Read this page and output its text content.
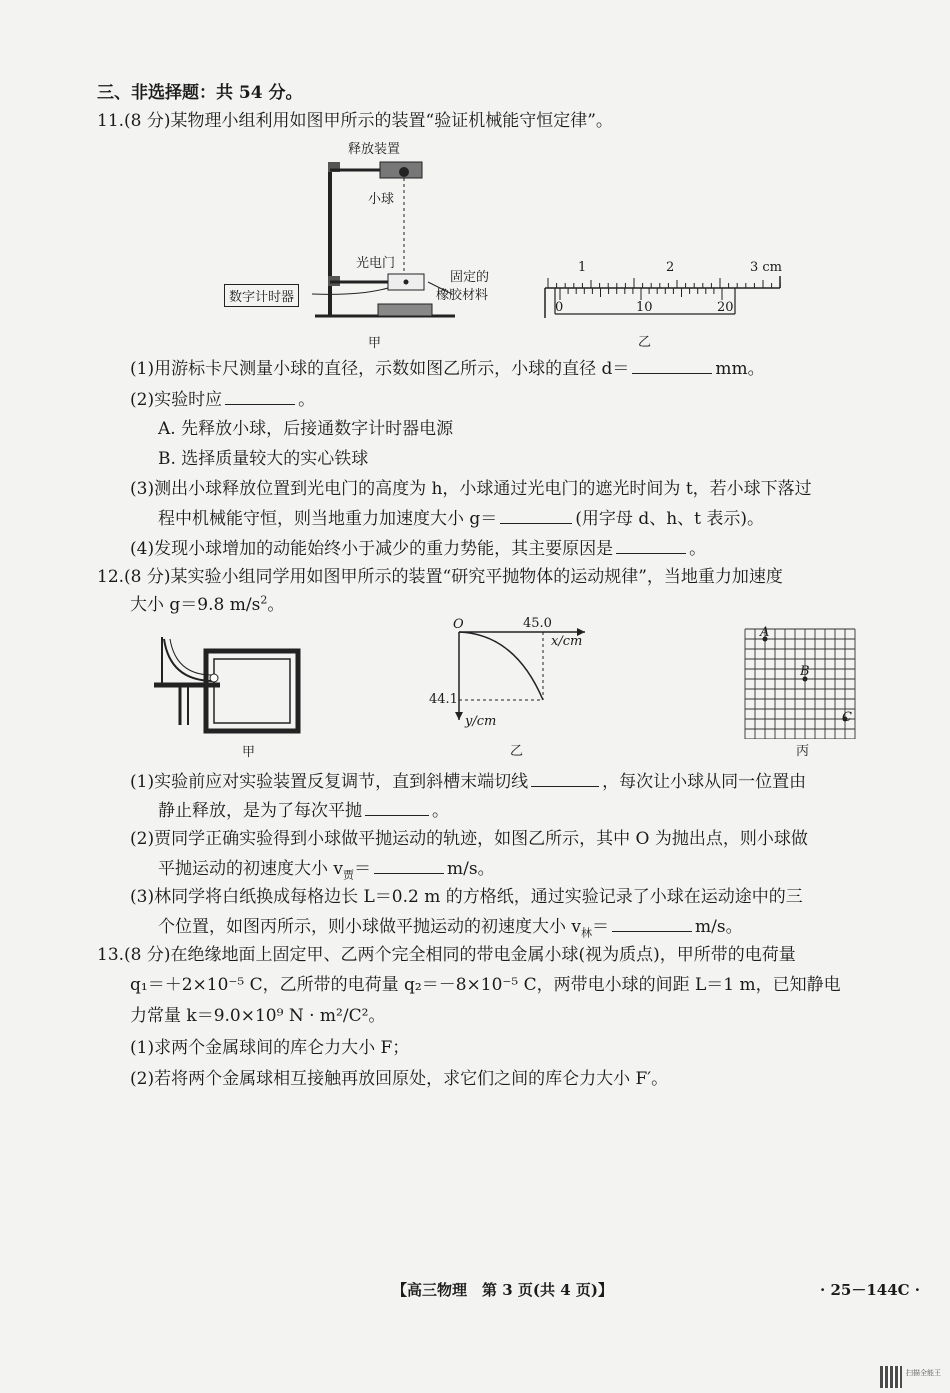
三、非选择题：共 54 分。
11.(8 分)某物理小组利用如图甲所示的装置“验证机械能守恒定律”。
释放装置
小球
光电门
数字计时器
固定的
橡胶材料
甲
1	2	3 cm
0	10	20
乙
(1)用游标卡尺测量小球的直径，示数如图乙所示，小球的直径 d＝	mm。
(2)实验时应	。
A. 先释放小球，后接通数字计时器电源
B. 选择质量较大的实心铁球
(3)测出小球释放位置到光电门的高度为 h，小球通过光电门的遮光时间为 t，若小球下落过
程中机械能守恒，则当地重力加速度大小 g＝	(用字母 d、h、t 表示)。
(4)发现小球增加的动能始终小于减少的重力势能，其主要原因是	。
12.(8 分)某实验小组同学用如图甲所示的装置“研究平抛物体的运动规律”，当地重力加速度
大小 g＝9.8 $m/s^2$。
甲
O	45.0
x/cm
44.1
y/cm
乙
A
B
C
丙
(1)实验前应对实验装置反复调节，直到斜槽末端切线	，每次让小球从同一位置由
静止释放，是为了每次平抛	。
(2)贾同学正确实验得到小球做平抛运动的轨迹，如图乙所示，其中 O 为抛出点，则小球做
平抛运动的初速度大小 $v_贾=$	m/s。
(3)林同学将白纸换成每格边长 L＝0.2 m 的方格纸，通过实验记录了小球在运动途中的三
个位置，如图丙所示，则小球做平抛运动的初速度大小 $v_林=$	m/s。
13.(8 分)在绝缘地面上固定甲、乙两个完全相同的带电金属小球(视为质点)，甲所带的电荷量
q₁＝＋2×10⁻⁵ C，乙所带的电荷量 q₂＝－8×10⁻⁵ C，两带电小球的间距 L＝1 m，已知静电
力常量 k＝9.0×10⁹ N · m²/C²。
(1)求两个金属球间的库仑力大小 F；
(2)若将两个金属球相互接触再放回原处，求它们之间的库仑力大小 F′。
【高三物理　第 3 页(共 4 页)】	· 25－144C ·
扫描全能王
